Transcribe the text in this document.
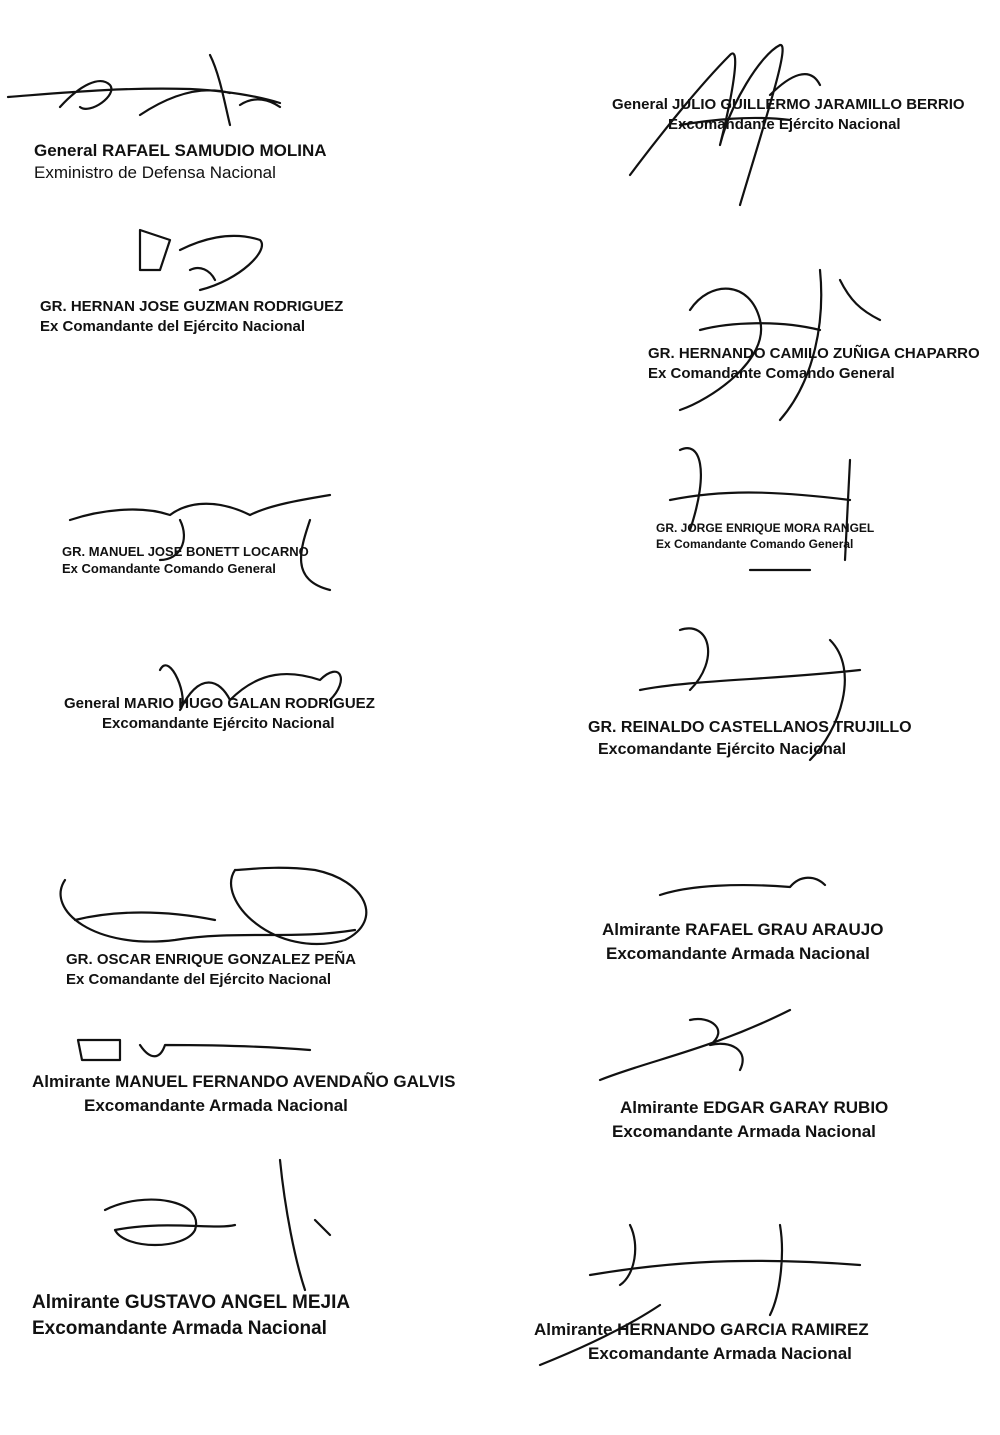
General RAFAEL SAMUDIO MOLINA
Exministro de Defensa Nacional
General JULIO GUILLERMO JARAMILLO BERRIO
Excomandante Ejército Nacional
GR. HERNAN JOSE GUZMAN RODRIGUEZ
Ex Comandante del Ejército Nacional
GR. HERNANDO CAMILO ZUÑIGA CHAPARRO
Ex Comandante Comando General
GR. MANUEL JOSE BONETT LOCARNO
Ex Comandante Comando General
GR. JORGE ENRIQUE MORA RANGEL
Ex Comandante Comando General
General MARIO HUGO GALAN RODRIGUEZ
Excomandante Ejército Nacional	GR. REINALDO CASTELLANOS TRUJILLO
Excomandante Ejército Nacional
GR. OSCAR ENRIQUE GONZALEZ PEÑA
Ex Comandante del Ejército Nacional
Almirante RAFAEL GRAU ARAUJO
Excomandante Armada Nacional
Almirante MANUEL FERNANDO AVENDAÑO GALVIS
Excomandante Armada Nacional	Almirante EDGAR GARAY RUBIO
Excomandante Armada Nacional
Almirante GUSTAVO ANGEL MEJIA
Excomandante Armada Nacional	Almirante HERNANDO GARCIA RAMIREZ
Excomandante Armada Nacional
